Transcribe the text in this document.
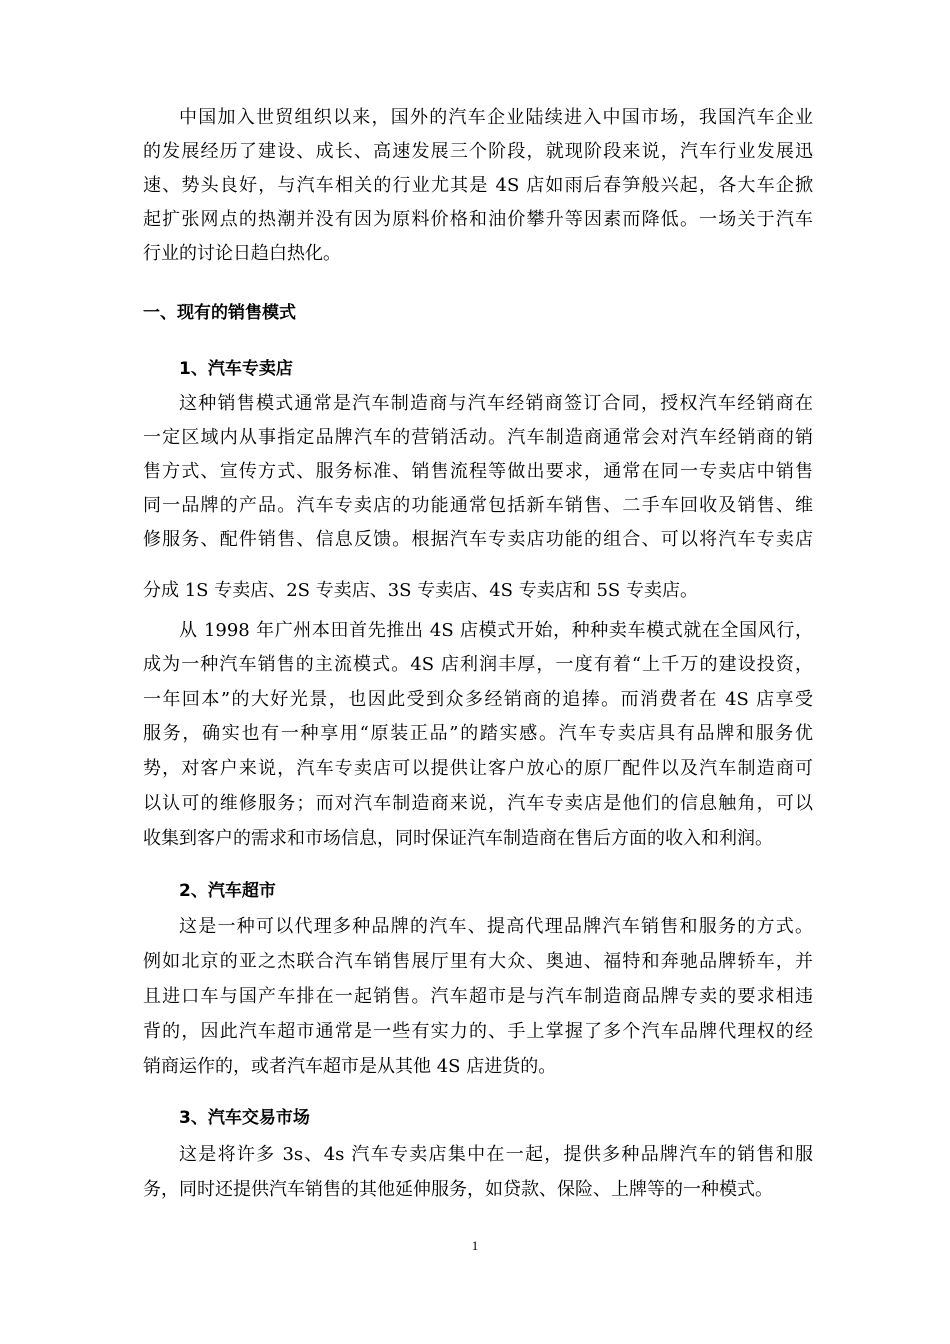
中国加入世贸组织以来，国外的汽车企业陆续进入中国市场，我国汽车企业
的发展经历了建设、成长、高速发展三个阶段，就现阶段来说，汽车行业发展迅
速、势头良好，与汽车相关的行业尤其是 4S 店如雨后春笋般兴起，各大车企掀
起扩张网点的热潮并没有因为原料价格和油价攀升等因素而降低。一场关于汽车
行业的讨论日趋白热化。
一、现有的销售模式
1、汽车专卖店
这种销售模式通常是汽车制造商与汽车经销商签订合同，授权汽车经销商在
一定区域内从事指定品牌汽车的营销活动。汽车制造商通常会对汽车经销商的销
售方式、宣传方式、服务标准、销售流程等做出要求，通常在同一专卖店中销售
同一品牌的产品。汽车专卖店的功能通常包括新车销售、二手车回收及销售、维
修服务、配件销售、信息反馈。根据汽车专卖店功能的组合、可以将汽车专卖店
分成 1S 专卖店、2S 专卖店、3S 专卖店、4S 专卖店和 5S 专卖店。
从 1998 年广州本田首先推出 4S 店模式开始，种种卖车模式就在全国风行，
成为一种汽车销售的主流模式。4S 店利润丰厚，一度有着“上千万的建设投资，
一年回本”的大好光景，也因此受到众多经销商的追捧。而消费者在 4S 店享受
服务，确实也有一种享用“原装正品”的踏实感。汽车专卖店具有品牌和服务优
势，对客户来说，汽车专卖店可以提供让客户放心的原厂配件以及汽车制造商可
以认可的维修服务；而对汽车制造商来说，汽车专卖店是他们的信息触角，可以
收集到客户的需求和市场信息，同时保证汽车制造商在售后方面的收入和利润。
2、汽车超市
这是一种可以代理多种品牌的汽车、提高代理品牌汽车销售和服务的方式。
例如北京的亚之杰联合汽车销售展厅里有大众、奥迪、福特和奔驰品牌轿车，并
且进口车与国产车排在一起销售。汽车超市是与汽车制造商品牌专卖的要求相违
背的，因此汽车超市通常是一些有实力的、手上掌握了多个汽车品牌代理权的经
销商运作的，或者汽车超市是从其他 4S 店进货的。
3、汽车交易市场
这是将许多 3s、4s 汽车专卖店集中在一起，提供多种品牌汽车的销售和服
务，同时还提供汽车销售的其他延伸服务，如贷款、保险、上牌等的一种模式。
1
